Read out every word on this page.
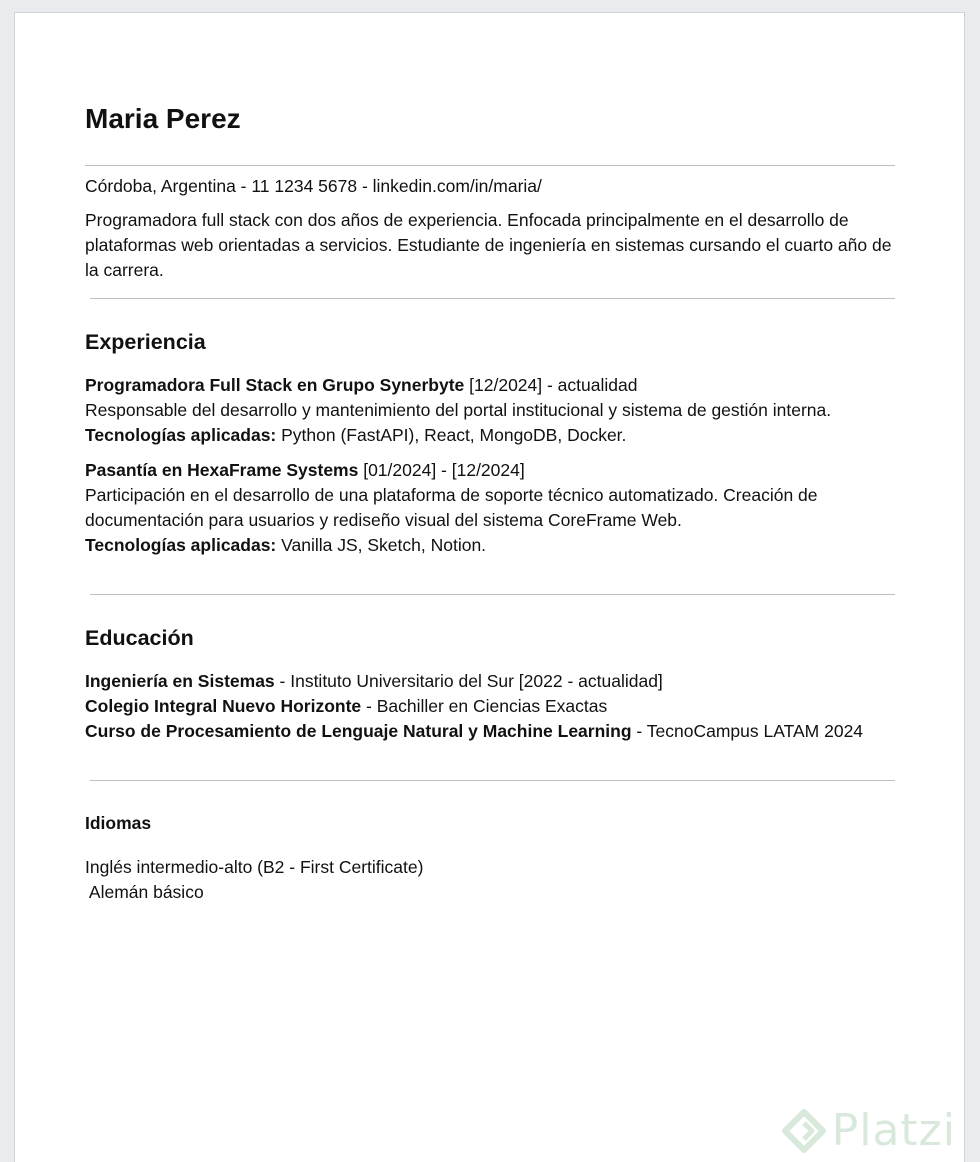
Maria Perez

Córdoba, Argentina - 11 1234 5678 - linkedin.com/in/maria/

Programadora full stack con dos años de experiencia. Enfocada principalmente en el desarrollo de plataformas web orientadas a servicios. Estudiante de ingeniería en sistemas cursando el cuarto año de la carrera.

Experiencia

Programadora Full Stack en Grupo Synerbyte [12/2024] - actualidad

Responsable del desarrollo y mantenimiento del portal institucional y sistema de gestión interna.

Tecnologías aplicadas: Python (FastAPI), React, MongoDB, Docker.

Pasantía en HexaFrame Systems [01/2024] - [12/2024]

Participación en el desarrollo de una plataforma de soporte técnico automatizado. Creación de documentación para usuarios y rediseño visual del sistema CoreFrame Web.

Tecnologías aplicadas: Vanilla JS, Sketch, Notion.

Educación

Ingeniería en Sistemas - Instituto Universitario del Sur [2022 - actualidad]

Colegio Integral Nuevo Horizonte - Bachiller en Ciencias Exactas

Curso de Procesamiento de Lenguaje Natural y Machine Learning - TecnoCampus LATAM 2024

Idiomas

Inglés intermedio-alto (B2 - First Certificate)

Alemán básico

Platzi
